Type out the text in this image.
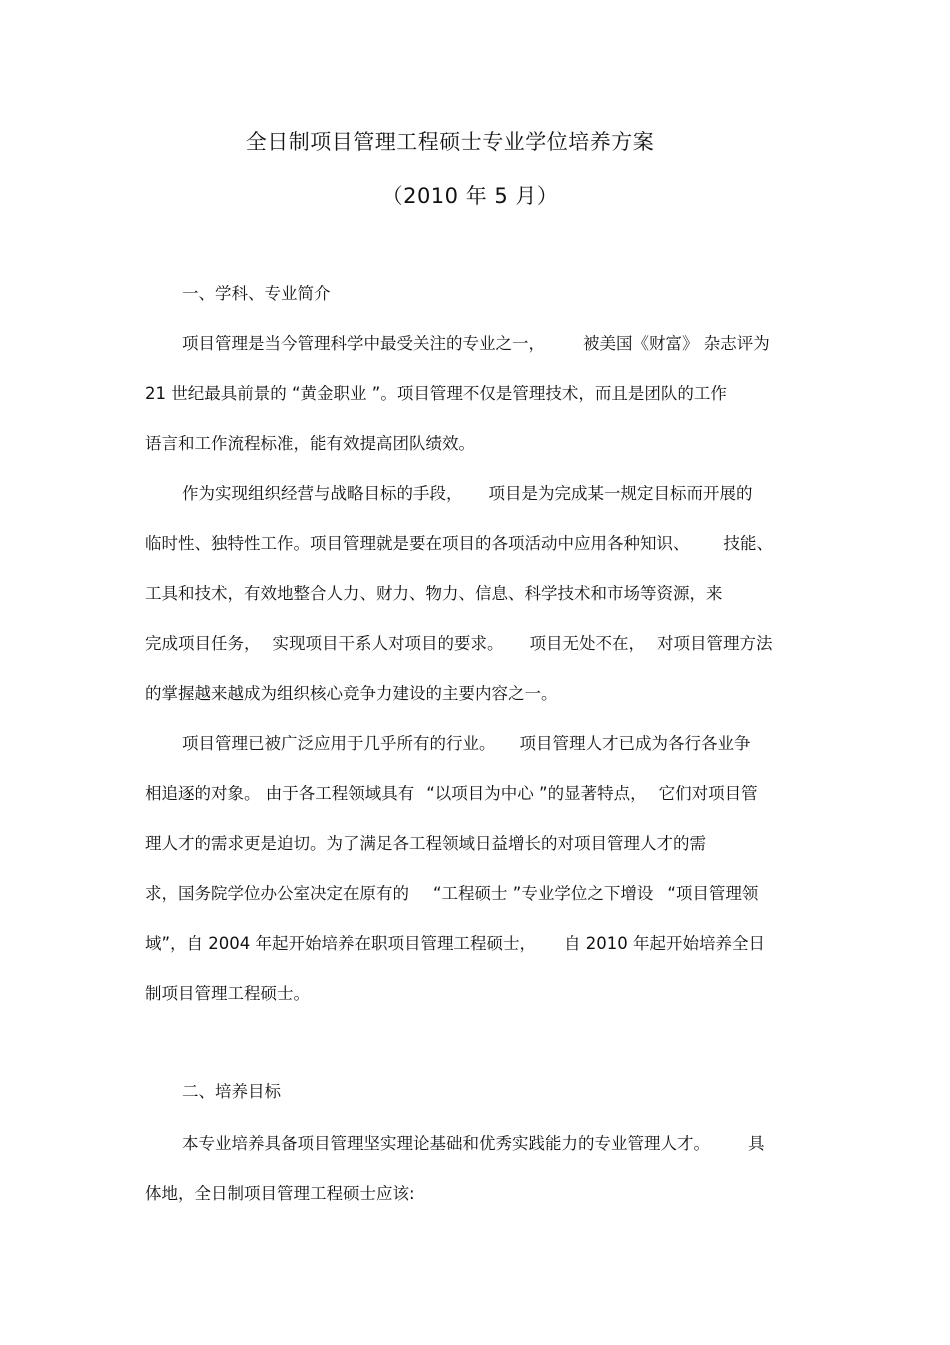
全日制项目管理工程硕士专业学位培养方案
（2010 年 5 月）
一、学科、专业简介
项目管理是当今管理科学中最受关注的专业之一， 被美国《财富》 杂志评为
21 世纪最具前景的 “黄金职业 ”。项目管理不仅是管理技术，而且是团队的工作
语言和工作流程标准，能有效提高团队绩效。
作为实现组织经营与战略目标的手段， 项目是为完成某一规定目标而开展的
临时性、独特性工作。项目管理就是要在项目的各项活动中应用各种知识、 技能、
工具和技术，有效地整合人力、财力、物力、信息、科学技术和市场等资源，来
完成项目任务， 实现项目干系人对项目的要求。 项目无处不在， 对项目管理方法
的掌握越来越成为组织核心竞争力建设的主要内容之一。
项目管理已被广泛应用于几乎所有的行业。 项目管理人才已成为各行各业争
相追逐的对象。 由于各工程领域具有 “以项目为中心 ”的显著特点， 它们对项目管
理人才的需求更是迫切。为了满足各工程领域日益增长的对项目管理人才的需
求，国务院学位办公室决定在原有的 “工程硕士 ”专业学位之下增设 “项目管理领
域”，自 2004 年起开始培养在职项目管理工程硕士， 自 2010 年起开始培养全日
制项目管理工程硕士。
二、培养目标
本专业培养具备项目管理坚实理论基础和优秀实践能力的专业管理人才。 具
体地，全日制项目管理工程硕士应该:
